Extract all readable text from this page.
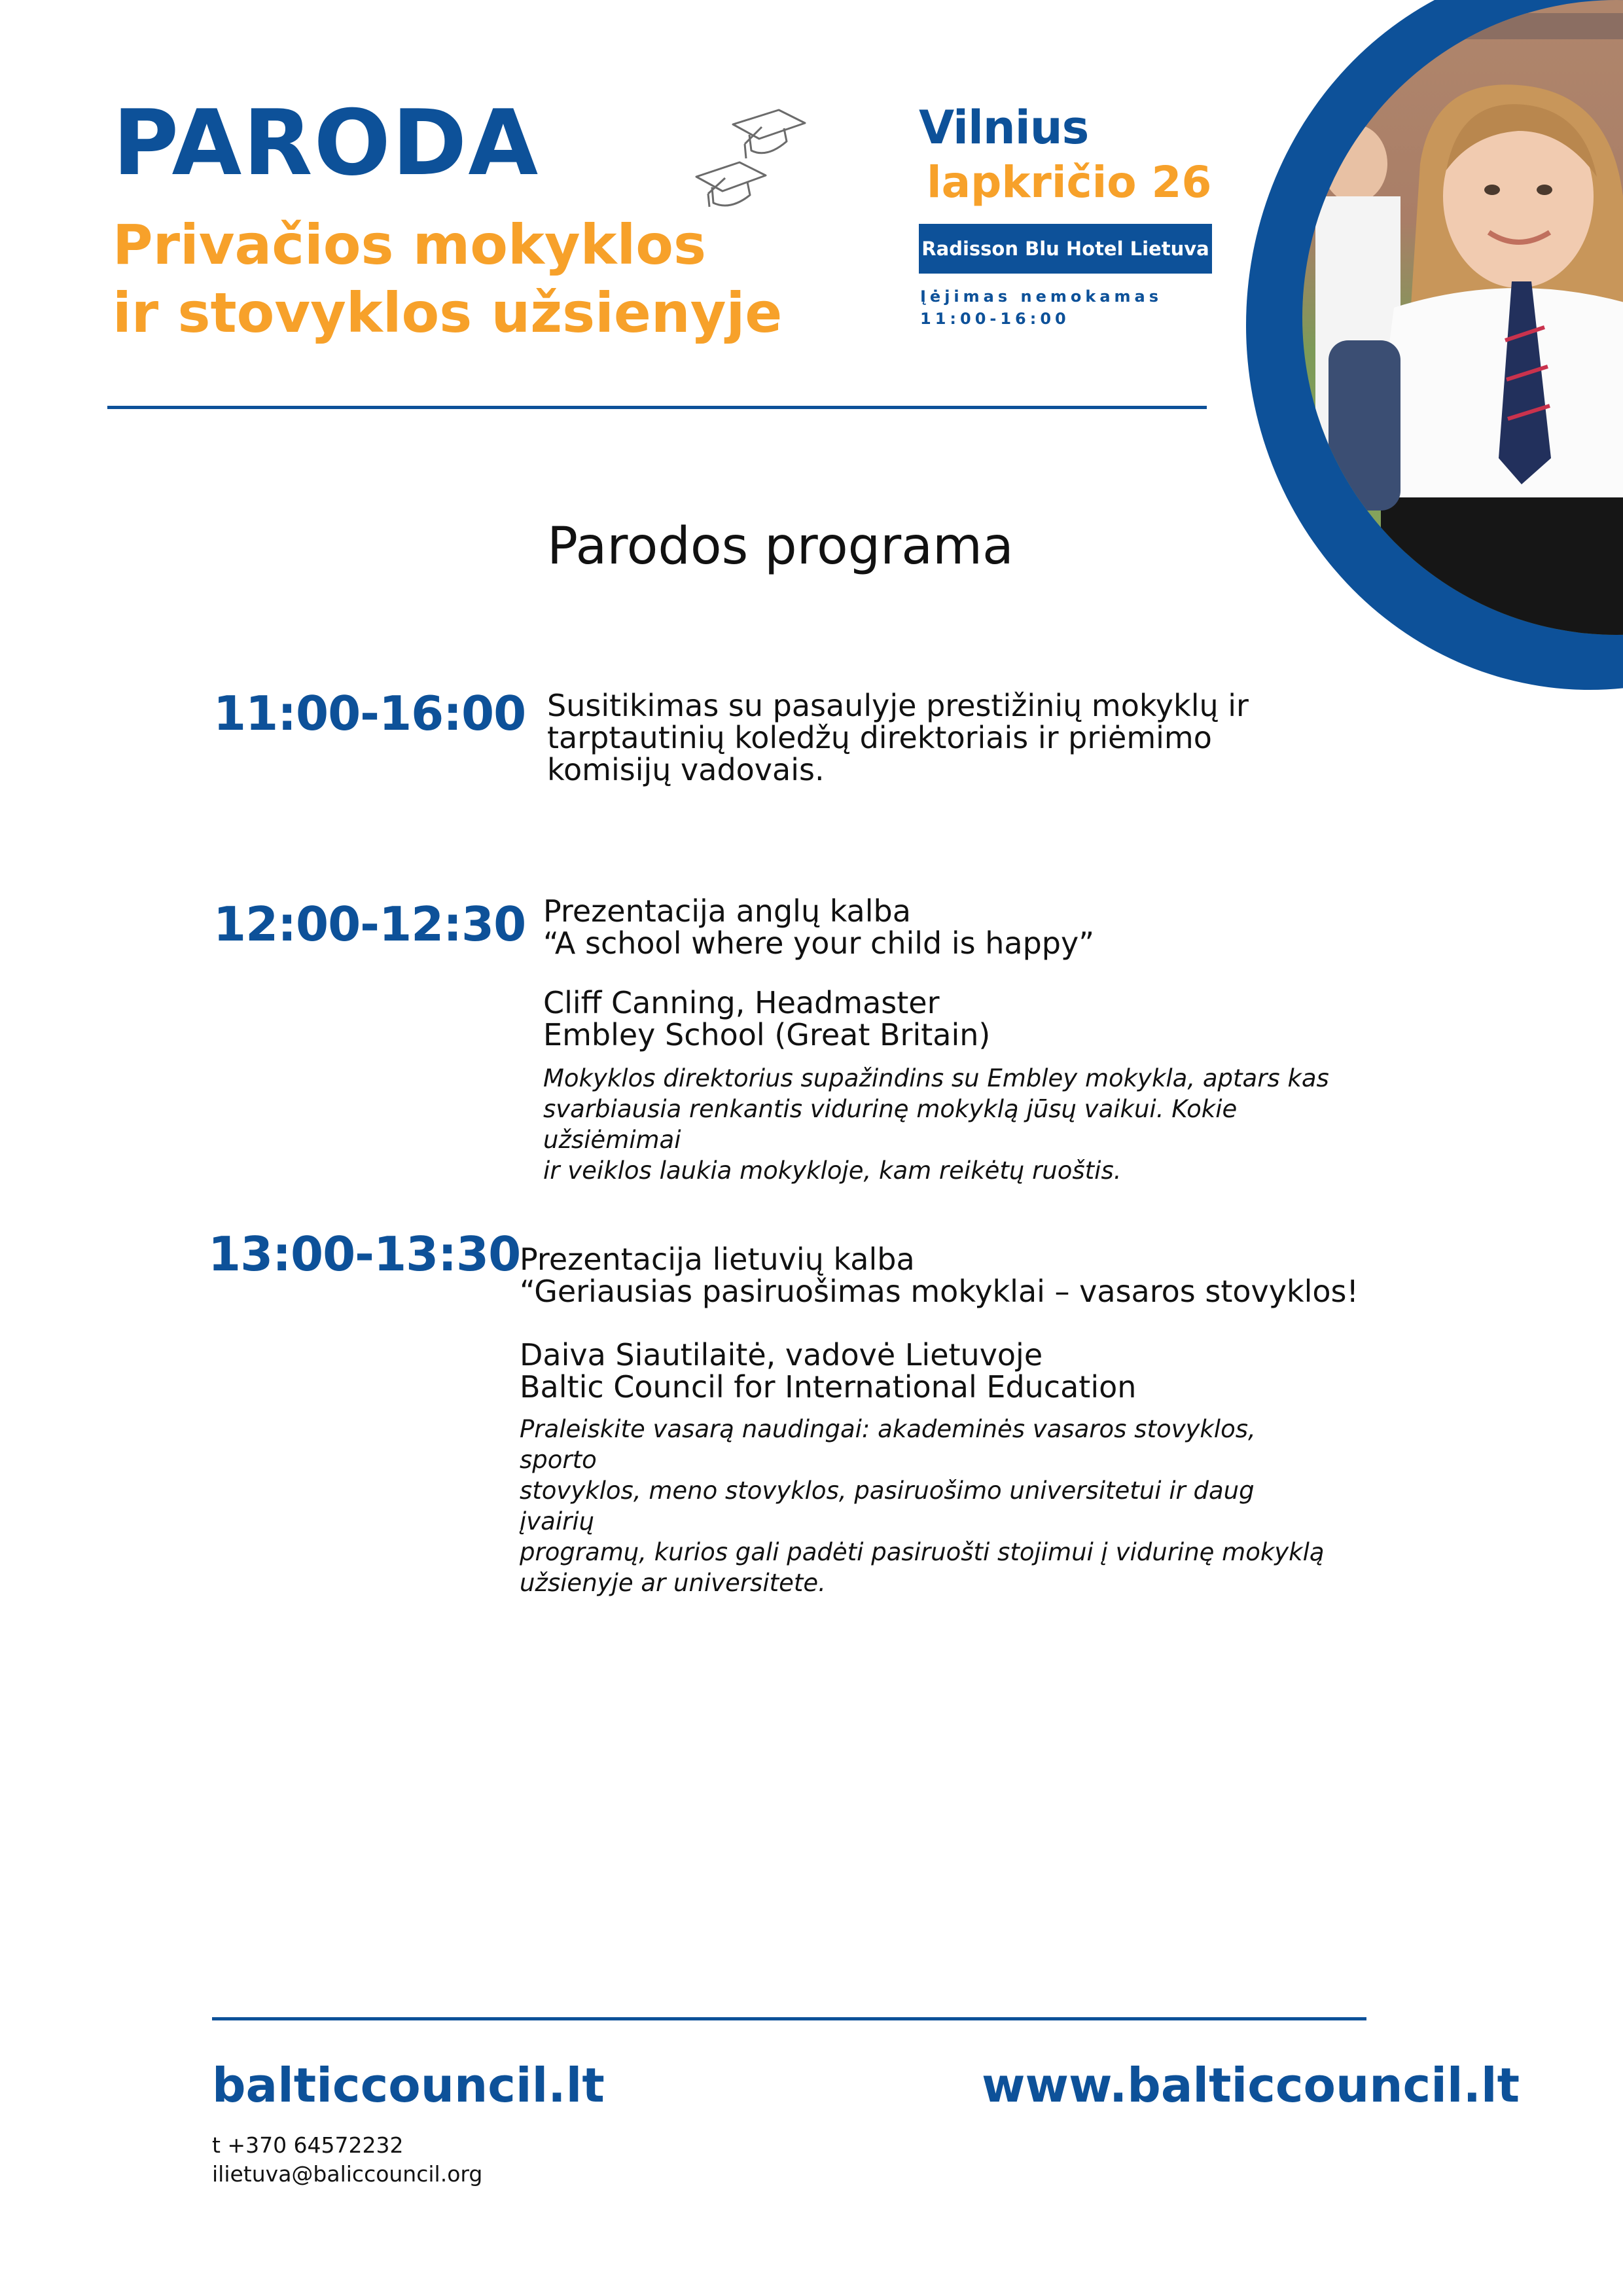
PARODA
Privačios mokyklos
ir stovyklos užsienyje
Vilnius
lapkričio 26
Radisson Blu Hotel Lietuva
Įėjimas nemokamas
11:00-16:00
Parodos programa
11:00-16:00 Susitikimas su pasaulyje prestižinių mokyklų ir
tarptautinių koledžų direktoriais ir priėmimo
komisijų vadovais.
12:00-12:30 Prezentacija anglų kalba
“A school where your child is happy”
Cliff Canning, Headmaster
Embley School (Great Britain)
Mokyklos direktorius supažindins su Embley mokykla, aptars kas
svarbiausia renkantis vidurinę mokyklą jūsų vaikui. Kokie užsiėmimai
ir veiklos laukia mokykloje, kam reikėtų ruoštis.
13:00-13:30
Prezentacija lietuvių kalba
“Geriausias pasiruošimas mokyklai – vasaros stovyklos!
Daiva Siautilaitė, vadovė Lietuvoje
Baltic Council for International Education
Praleiskite vasarą naudingai: akademinės vasaros stovyklos, sporto
stovyklos, meno stovyklos, pasiruošimo universitetui ir daug įvairių
programų, kurios gali padėti pasiruošti stojimui į vidurinę mokyklą
užsienyje ar universitete.
balticcouncil.lt	www.balticcouncil.lt
t +370 64572232
ilietuva@baliccouncil.org
